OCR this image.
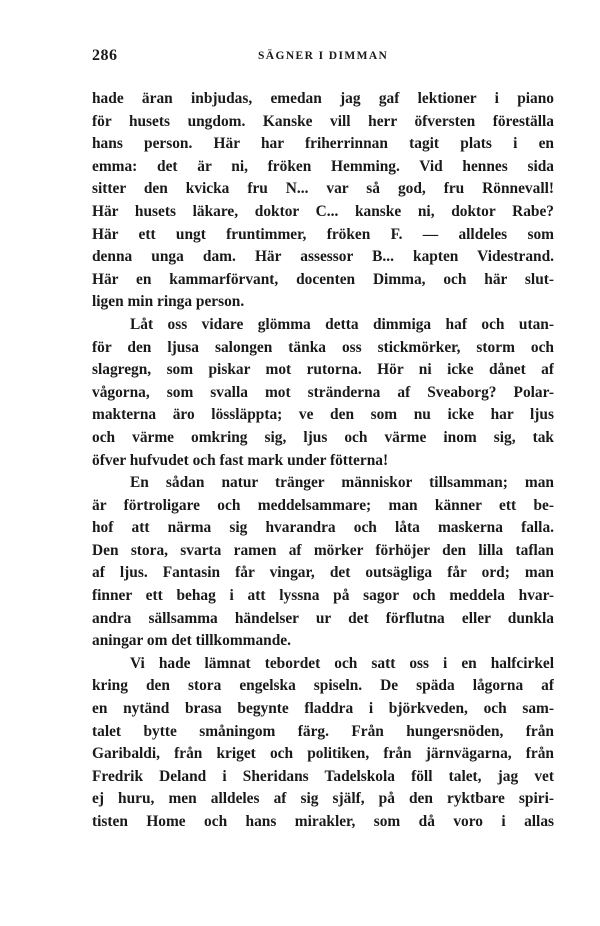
286	SÄGNER I DIMMAN
hade äran inbjudas, emedan jag gaf lektioner i piano
för husets ungdom. Kanske vill herr öfversten föreställa
hans person. Här har friherrinnan tagit plats i en
emma: det är ni, fröken Hemming. Vid hennes sida
sitter den kvicka fru N... var så god, fru Rönnevall!
Här husets läkare, doktor C... kanske ni, doktor Rabe?
Här ett ungt fruntimmer, fröken F. — alldeles som
denna unga dam. Här assessor B... kapten Videstrand.
Här en kammarförvant, docenten Dimma, och här slut-
ligen min ringa person.
Låt oss vidare glömma detta dimmiga haf och utan-
för den ljusa salongen tänka oss stickmörker, storm och
slagregn, som piskar mot rutorna. Hör ni icke dånet af
vågorna, som svalla mot stränderna af Sveaborg? Polar-
makterna äro lössläppta; ve den som nu icke har ljus
och värme omkring sig, ljus och värme inom sig, tak
öfver hufvudet och fast mark under fötterna!
En sådan natur tränger människor tillsamman; man
är förtroligare och meddelsammare; man känner ett be-
hof att närma sig hvarandra och låta maskerna falla.
Den stora, svarta ramen af mörker förhöjer den lilla taflan
af ljus. Fantasin får vingar, det outsägliga får ord; man
finner ett behag i att lyssna på sagor och meddela hvar-
andra sällsamma händelser ur det förflutna eller dunkla
aningar om det tillkommande.
Vi hade lämnat tebordet och satt oss i en halfcirkel
kring den stora engelska spiseln. De späda lågorna af
en nytänd brasa begynte fladdra i björkveden, och sam-
talet bytte småningom färg. Från hungersnöden, från
Garibaldi, från kriget och politiken, från järnvägarna, från
Fredrik Deland i Sheridans Tadelskola föll talet, jag vet
ej huru, men alldeles af sig själf, på den ryktbare spiri-
tisten Home och hans mirakler, som då voro i allas
